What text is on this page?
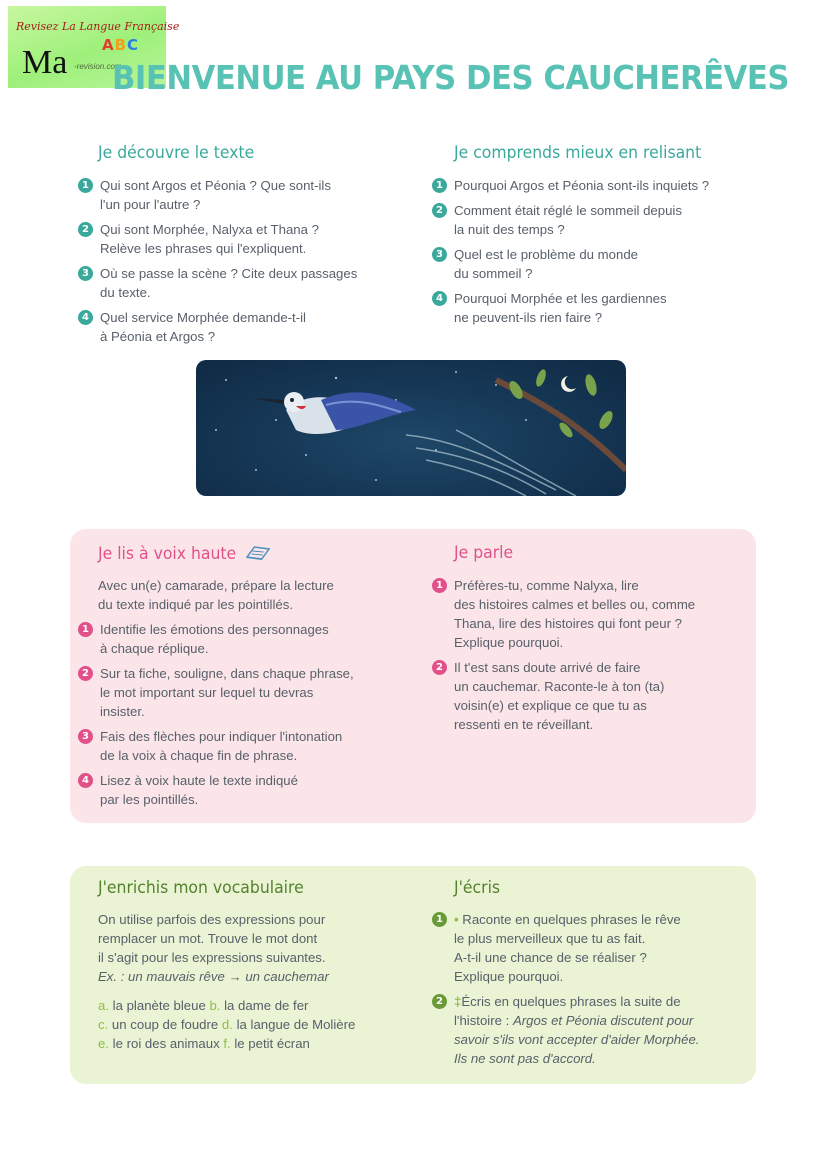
Revisez La Langue Française
Ma ABC
-revision.com
BIENVENUE AU PAYS DES CAUCHERÊVES
Je découvre le texte
1 Qui sont Argos et Péonia ? Que sont-ils
l'un pour l'autre ?
2 Qui sont Morphée, Nalyxa et Thana ?
Relève les phrases qui l'expliquent.
3 Où se passe la scène ? Cite deux passages
du texte.
4 Quel service Morphée demande-t-il
à Péonia et Argos ?
Je comprends mieux en relisant
1 Pourquoi Argos et Péonia sont-ils inquiets ?
2 Comment était réglé le sommeil depuis
la nuit des temps ?
3 Quel est le problème du monde
du sommeil ?
4 Pourquoi Morphée et les gardiennes
ne peuvent-ils rien faire ?
Je lis à voix haute
Avec un(e) camarade, prépare la lecture
du texte indiqué par les pointillés.
1 Identifie les émotions des personnages
à chaque réplique.
2 Sur ta fiche, souligne, dans chaque phrase,
le mot important sur lequel tu devras
insister.
3 Fais des flèches pour indiquer l'intonation
de la voix à chaque fin de phrase.
4 Lisez à voix haute le texte indiqué
par les pointillés.
Je parle
1 Préfères-tu, comme Nalyxa, lire
des histoires calmes et belles ou, comme
Thana, lire des histoires qui font peur ?
Explique pourquoi.
2 Il t'est sans doute arrivé de faire
un cauchemar. Raconte-le à ton (ta)
voisin(e) et explique ce que tu as
ressenti en te réveillant.
J'enrichis mon vocabulaire
On utilise parfois des expressions pour
remplacer un mot. Trouve le mot dont
il s'agit pour les expressions suivantes.
Ex. : un mauvais rêve → un cauchemar
a. la planète bleue b. la dame de fer
c. un coup de foudre d. la langue de Molière
e. le roi des animaux f. le petit écran
J'écris
1 • Raconte en quelques phrases le rêve
le plus merveilleux que tu as fait.
A-t-il une chance de se réaliser ?
Explique pourquoi.
2 ‡Écris en quelques phrases la suite de
l'histoire : Argos et Péonia discutent pour
savoir s'ils vont accepter d'aider Morphée.
Ils ne sont pas d'accord.
